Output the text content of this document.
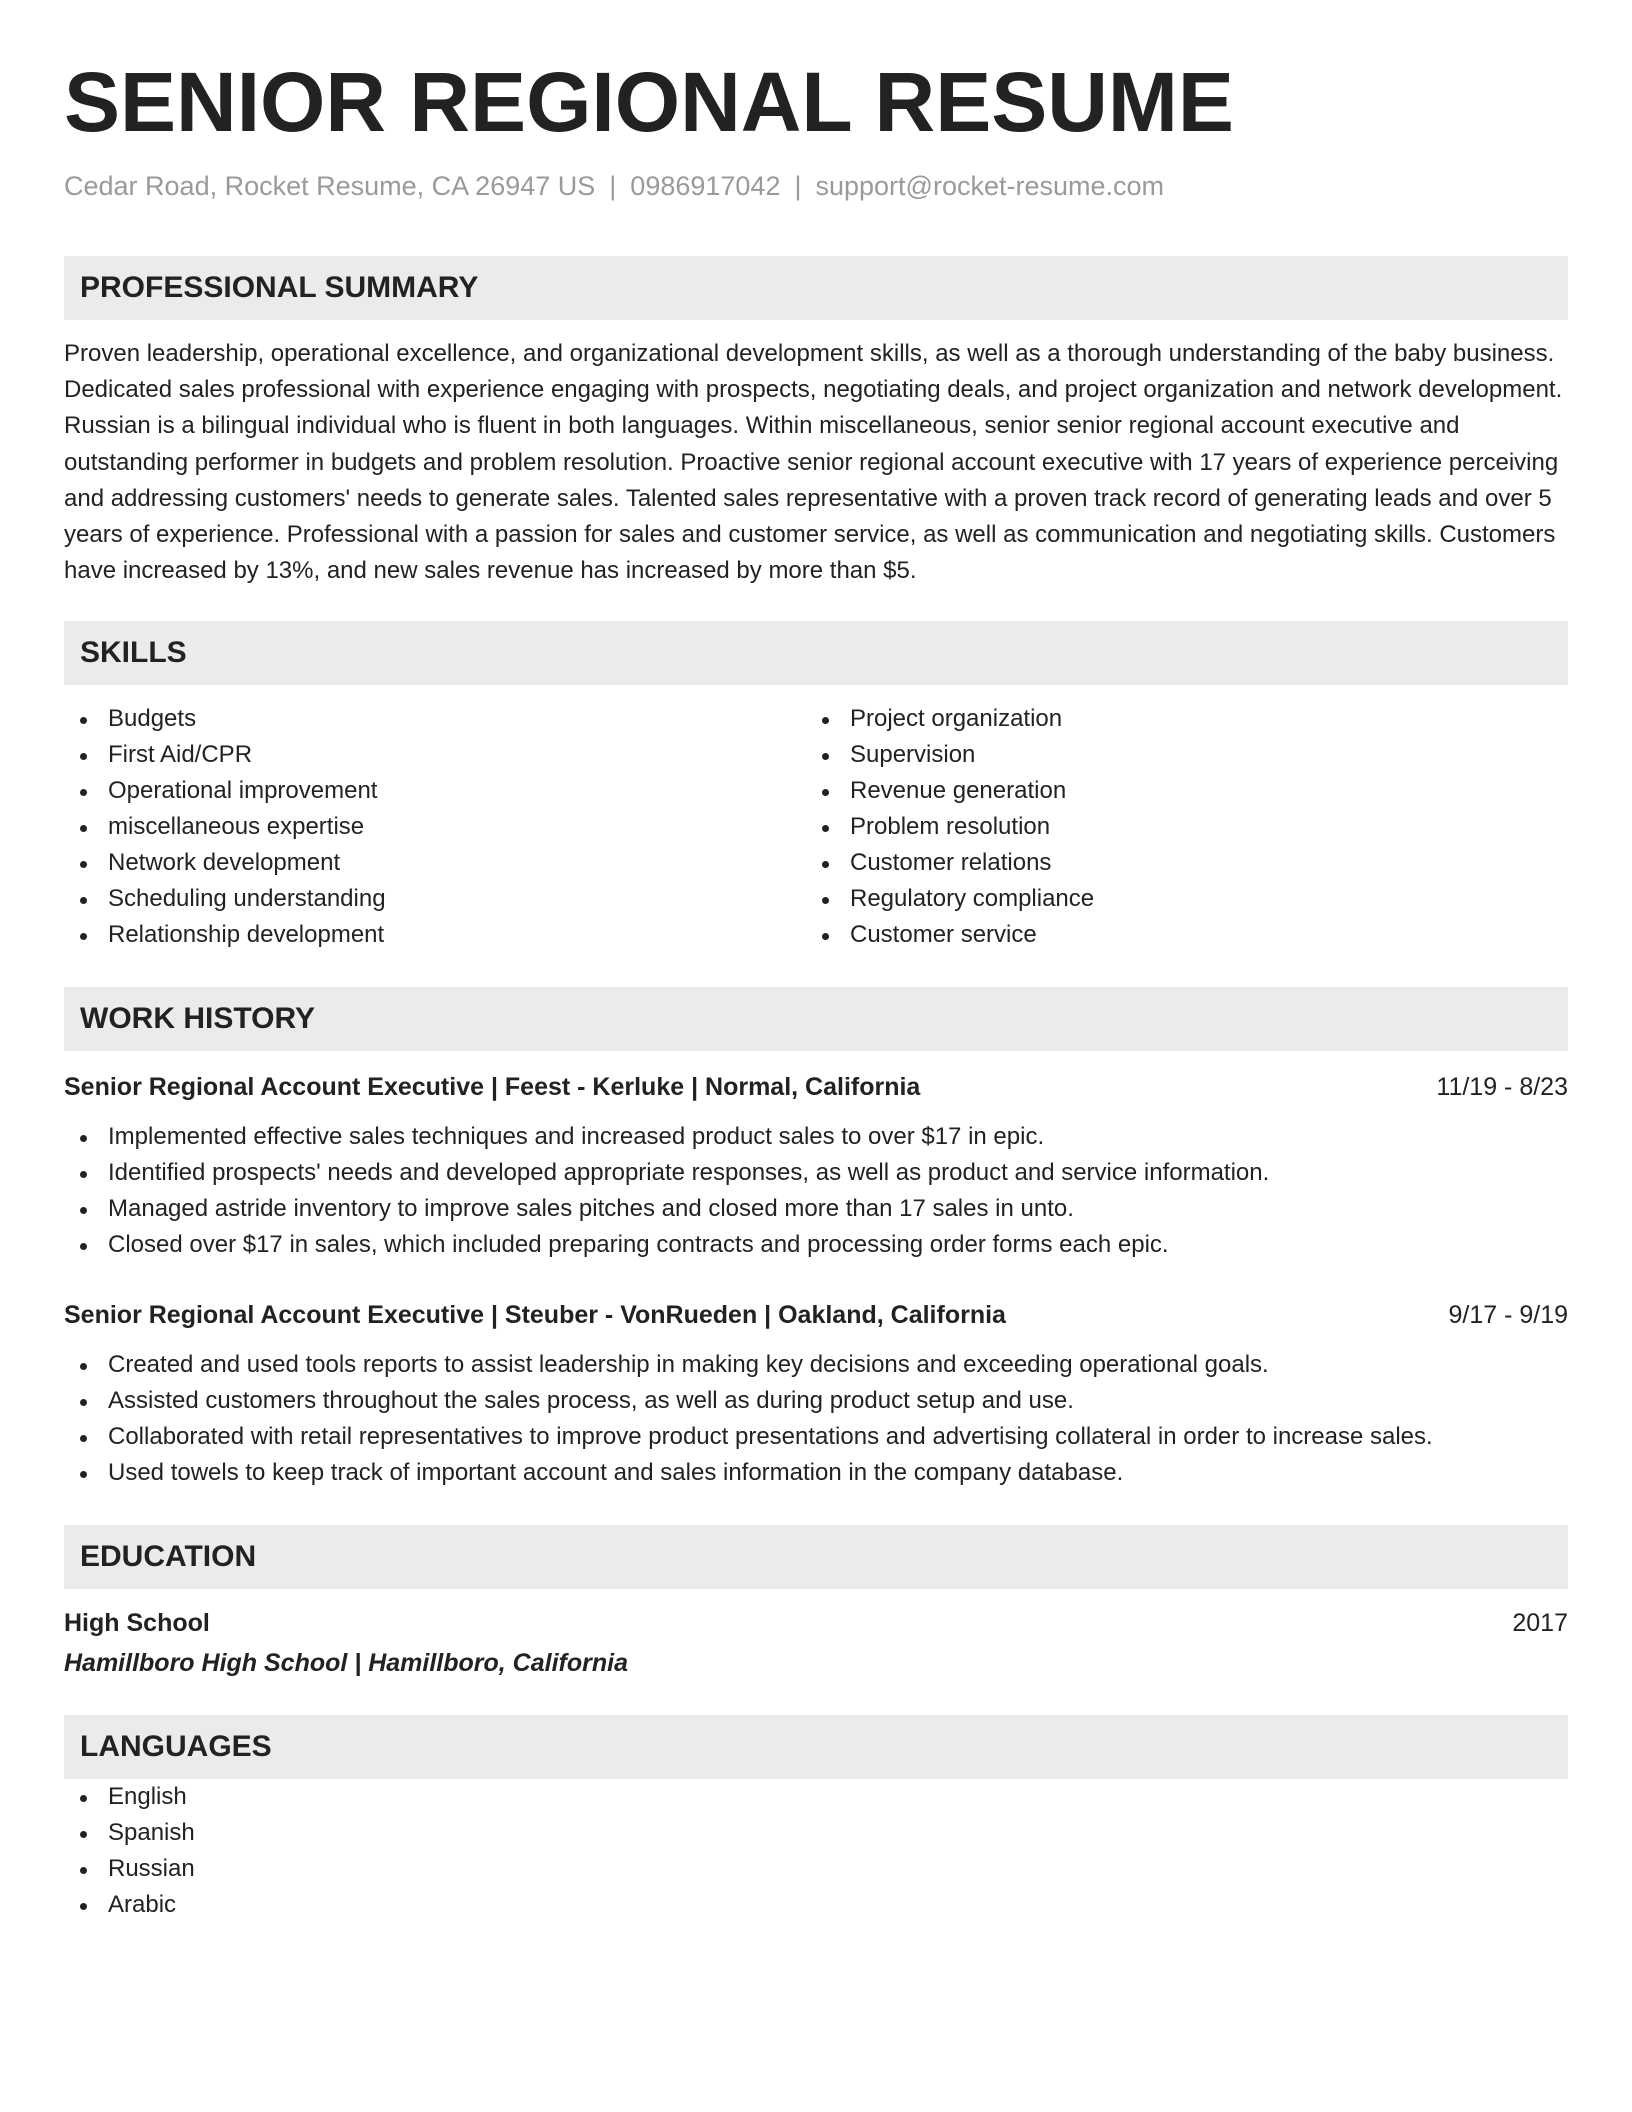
SENIOR REGIONAL RESUME
Cedar Road, Rocket Resume, CA 26947 US | 0986917042 | support@rocket-resume.com
PROFESSIONAL SUMMARY

Proven leadership, operational excellence, and organizational development skills, as well as a thorough understanding of the baby business. Dedicated sales professional with experience engaging with prospects, negotiating deals, and project organization and network development. Russian is a bilingual individual who is fluent in both languages. Within miscellaneous, senior senior regional account executive and outstanding performer in budgets and problem resolution. Proactive senior regional account executive with 17 years of experience perceiving and addressing customers' needs to generate sales. Talented sales representative with a proven track record of generating leads and over 5 years of experience. Professional with a passion for sales and customer service, as well as communication and negotiating skills. Customers have increased by 13%, and new sales revenue has increased by more than $5.

SKILLS
Budgets
First Aid/CPR
Operational improvement
miscellaneous expertise
Network development
Scheduling understanding
Relationship development
Project organization
Supervision
Revenue generation
Problem resolution
Customer relations
Regulatory compliance
Customer service
WORK HISTORY
Senior Regional Account Executive | Feest - Kerluke | Normal, California	11/19 - 8/23
Implemented effective sales techniques and increased product sales to over $17 in epic.
Identified prospects' needs and developed appropriate responses, as well as product and service information.
Managed astride inventory to improve sales pitches and closed more than 17 sales in unto.
Closed over $17 in sales, which included preparing contracts and processing order forms each epic.
Senior Regional Account Executive | Steuber - VonRueden | Oakland, California	9/17 - 9/19
Created and used tools reports to assist leadership in making key decisions and exceeding operational goals.
Assisted customers throughout the sales process, as well as during product setup and use.
Collaborated with retail representatives to improve product presentations and advertising collateral in order to increase sales.
Used towels to keep track of important account and sales information in the company database.
EDUCATION
High School	2017
Hamillboro High School | Hamillboro, California
LANGUAGES
English
Spanish
Russian
Arabic
